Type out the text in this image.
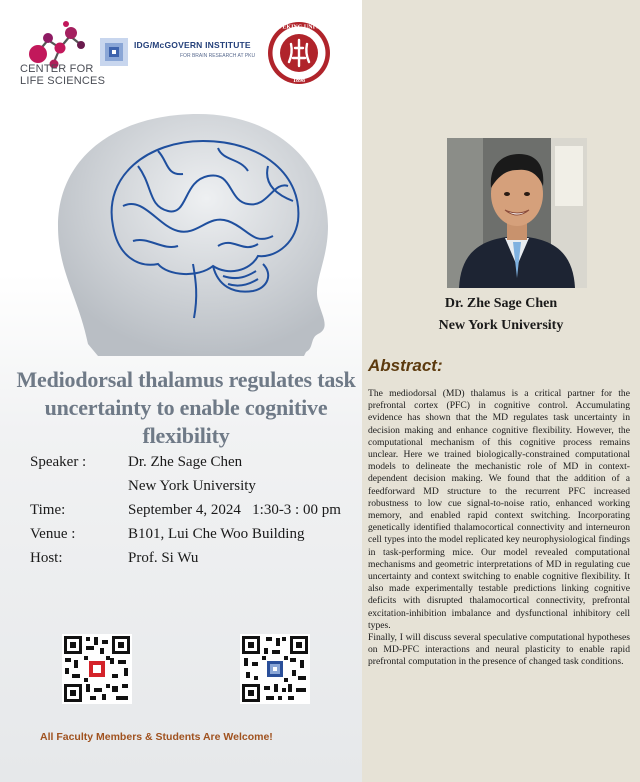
CENTER FOR
LIFE SCIENCES
IDG/McGOVERN INSTITUTE
FOR BRAIN RESEARCH AT PKU
PEKING UNIV
1898
Mediodorsal thalamus regulates task
uncertainty to enable cognitive flexibility
Speaker :	Dr. Zhe Sage Chen
New York University
Time:	September 4, 2024   1:30-3 : 00 pm
Venue :	B101, Lui Che Woo Building
Host:	Prof. Si Wu
All Faculty Members & Students Are Welcome!
Dr. Zhe Sage Chen
New York University
Abstract:

The mediodorsal (MD) thalamus is a critical partner for the prefrontal cortex (PFC) in cognitive control. Accumulating evidence has shown that the MD regulates task uncertainty in decision making and enhance cognitive flexibility. However, the computational mechanism of this cognitive process remains unclear. Here we trained biologically-constrained computational models to delineate the mechanistic role of MD in context-dependent decision making. We found that the addition of a feedforward MD structure to the recurrent PFC increased robustness to low cue signal-to-noise ratio, enhanced working memory, and enabled rapid context switching. Incorporating genetically identified thalamocortical connectivity and interneuron cell types into the model replicated key neurophysiological findings in task-performing mice. Our model revealed computational mechanisms and geometric interpretations of MD in regulating cue uncertainty and context switching to enable cognitive flexibility. It also made experimentally testable predictions linking cognitive deficits with disrupted thalamocortical connectivity, prefrontal excitation-inhibition imbalance and dysfunctional inhibitory cell types.

Finally, I will discuss several speculative computational hypotheses on MD-PFC interactions and neural plasticity to enable rapid prefrontal computation in the presence of changed task conditions.
